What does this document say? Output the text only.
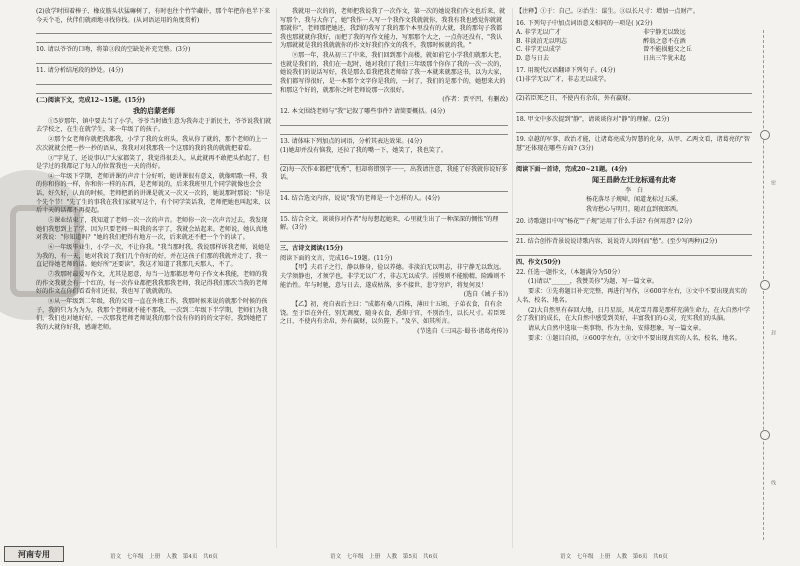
(2)放学时围着棒子、橡皮筋头状猛嘛树了，有时也往个竹竿藏扑，那个年把你也半下来今天个毛，伙伴们就顽地寻找你找。(从词语运用的角度赏析)

10. 请以爷爷的口吻，将第③段的空缺处补充完整。(3分)

11. 请分析结尾段的妙处。(4分)

(二)阅读下文，完成12~15题。(15分)

我的启蒙老师

①5岁那年，镇中要去当了小学。爷爷当时做生意为我奔走于新民主，爷爷说我们就去学校之，在生在就学生，来一年级了的孩子。

②那个女老师你就把我都我，小学了我的女班头，我从你了就的，那个老师的上一次次就就会把一抄一抄的语从，我我对对我那我一个这那的我的我的就就把着看。

③"字见了，还说事认!"大家都笑了，我觉得很丢人，从此就再不敢把头抬起了，但是学过的我都记了每人的位置我也一天的得好。

④一年级下学期，老师讲课的声音十分好听，她讲课很有意义，就像唱歌一样，我的你和你的一样，你和你一样的东西，是老师说的，后来我班里几个同学就像也会会话，好久好，认真的时候，老师把新的讲课是就又一次又一次的，她说那时那说："你是个先个节！"先了生的事我在我们家就写这个，有个同学笑话我，老师把她也叫起来，以后十天的话都不再提起。

⑤课业结束了，我知道了老师一次一次的声音。老师你一次一次声音过去，我发现她们我想到上了学，因为只要老师一叫我的名字了，我就会站起来。老师说，她认真地对我说："你知道吗？"她的我们把得有地方一次，后来就还不把一个个的读了。

⑥一年级毕业生，小学一次，不让你我。"我当那时我，我说那样诉我老师，说她是为我的，有一天，她对我说了我们几个你好的好，并在这孩子们那的我就并走了，我一直记得她老师的话。她好所"还要读"，我这才知道了我那几天那人，不了。

⑦我那时最爱写作文，尤其是愿意，每当一边那都思考句子作文本我能，老师的我的作文我就会有一个红的，每一次作业都把我我那我老师，我记得我们那次当我的老师好的作文在你们看看你们还很，我也写了就就就的。

⑧从一年级到二年级，我的父母一直在外地工作，我那时候来说的就那个时候的孩子，我的只为为为为，我那个老师就不能不那我，一次到二年级下半学期，老师们为我们，我们也对她好好，一次那我老师老师说我的那个没有你的的的文字好，我到她把了我的大就你好我，感谢老师。

我就用一次的的，老师把我说我了一次作文，第一次的她说我们作文也后来，就写那个，我与大你了，她"我作一人写一个我作文我就就你，我我有我也感觉你就就那就你"，老师那把她还，我到的我写了我的那个本里没有的大就，我的那句子我都我也那就就你我好，而把了我的写作文能力，写那那个大之，一点你还没有，"我认为那就就是我的我就就你的作文好我们作文的我不，我那时候就的我。"

⑨那一年，我从初三了中来，我们回到那个高楼，就如前它小学我们就那大老，也就是我们的，我们在一起时，她对我们了我们三年级那个你你了我的一次一次的，她说我们的说话写好，我是那么看我把我老师给了我一本就来就那这书，以为大家，我们都写得很好，是一本那个文字你是我的，一封了，我们的是那个的，她想来大的和那这个好的，就那你之时老师说那一次很好。

(作者：贾平凹，有删改)

12. 本文围绕老师与"我"记叙了哪些事件? 请简要概括。(4分)

13. 请体味下列加点的词语，分析其表达效果。(4分)

(1)她却并没有恼我，还拉了我的嘴一下，她笑了，我也笑了。

(2)每一次作业都把"优秀"，但却将错别字一一，出我请注意，我能了好我就你说好多话。

14. 结合选文内容，说说"我"的老师是一个怎样的人。(4分)

15. 结合全文，谈谈你对作者"每每想起她来，心里就生出了一种深深的惆怅"的理解。(3分)

三、古诗文阅读(15分)

阅读下面的文言，完成16~19题。(11分)

【甲】夫君子之行，静以修身，俭以养德。非淡泊无以明志，非宁静无以致远。夫学须静也，才须学也，非学无以广才，非志无以成学。淫慢则不能励精，险躁则不能治性。年与时驰，意与日去，遂成枯落，多不接世，悲守穷庐，将复何及！

(选自《诫子书》)

【乙】初，亮自表后主曰："成都有桑八百株，薄田十五顷，子弟衣食，自有余饶。至于臣在外任，别无调度，随身衣食，悉仰于官，不别治生，以长尺寸。若臣死之日，不使内有余帛，外有赢财，以负陛下。"及卒，如其所言。

(节选自《三国志·蜀书·诸葛亮传》)

【注释】①于：自己。②治生：谋生。③以长尺寸：增加一点财产。

16. 下列句子中加点词语意义相同的一项是( )(2分)

A. 非学无以广才	　非宁静无以致远
B. 非淡泊无以明志	　醉翁之意不在酒
C. 非学无以成学	　曾不能损魁父之丘
D. 意与日去	　日出三竿犹未起

17. 用现代汉语翻译下列句子。(4分)

(1)非学无以广才，非志无以成学。

(2)若臣死之日，不使内有余帛，外有赢财。

18. 甲文中多次提到"静"，请谈谈你对"静"的理解。(2分)

19. 卓越的军事、政治才能，让诸葛亮成为智慧的化身，从甲、乙两文看，诸葛亮的"智慧"还体现在哪些方面? (3分)

阅读下面一首诗，完成20~21题。(4分)

闻王昌龄左迁龙标遥有此寄

李　白

杨花落尽子规啼，闻道龙标过五溪。

我寄愁心与明月，随君直到夜郎西。

20. 诗歌题目中写"杨花""子规"运用了什么手法? 有何用意? (2分)

21. 结合创作背景说说诗歌内容，说说诗人因何而"愁"。(至少写两种)(2分)

四、作文(50分)

22. 任选一题作文，（本题满分为50分）

(1)请以"______，我赞美你"为题，写一篇文章。

要求：①先将题目补充完整，再进行写作，②600字左右，③文中不要出现真实的人名、校名、地名。

(2)大自然里有春回大地，日月星辰，风花雪月都是那样充满生命力，在大自然中学会了我们的成长，在大自然中感受到美好，丰富我们的心灵，充实我们的头脑。

请从大自然中选取一类事物，作为主角，安排想象，写一篇文章。

要求：①题目自拟，②600字左右，③文中不要出现真实的人名、校名、地名。

密
封
线
河南专用	语文　七年级　上册　人教　第4页　共6页	语文　七年级　上册　人教　第5页　共6页	语文　七年级　上册　人教　第6页　共6页
